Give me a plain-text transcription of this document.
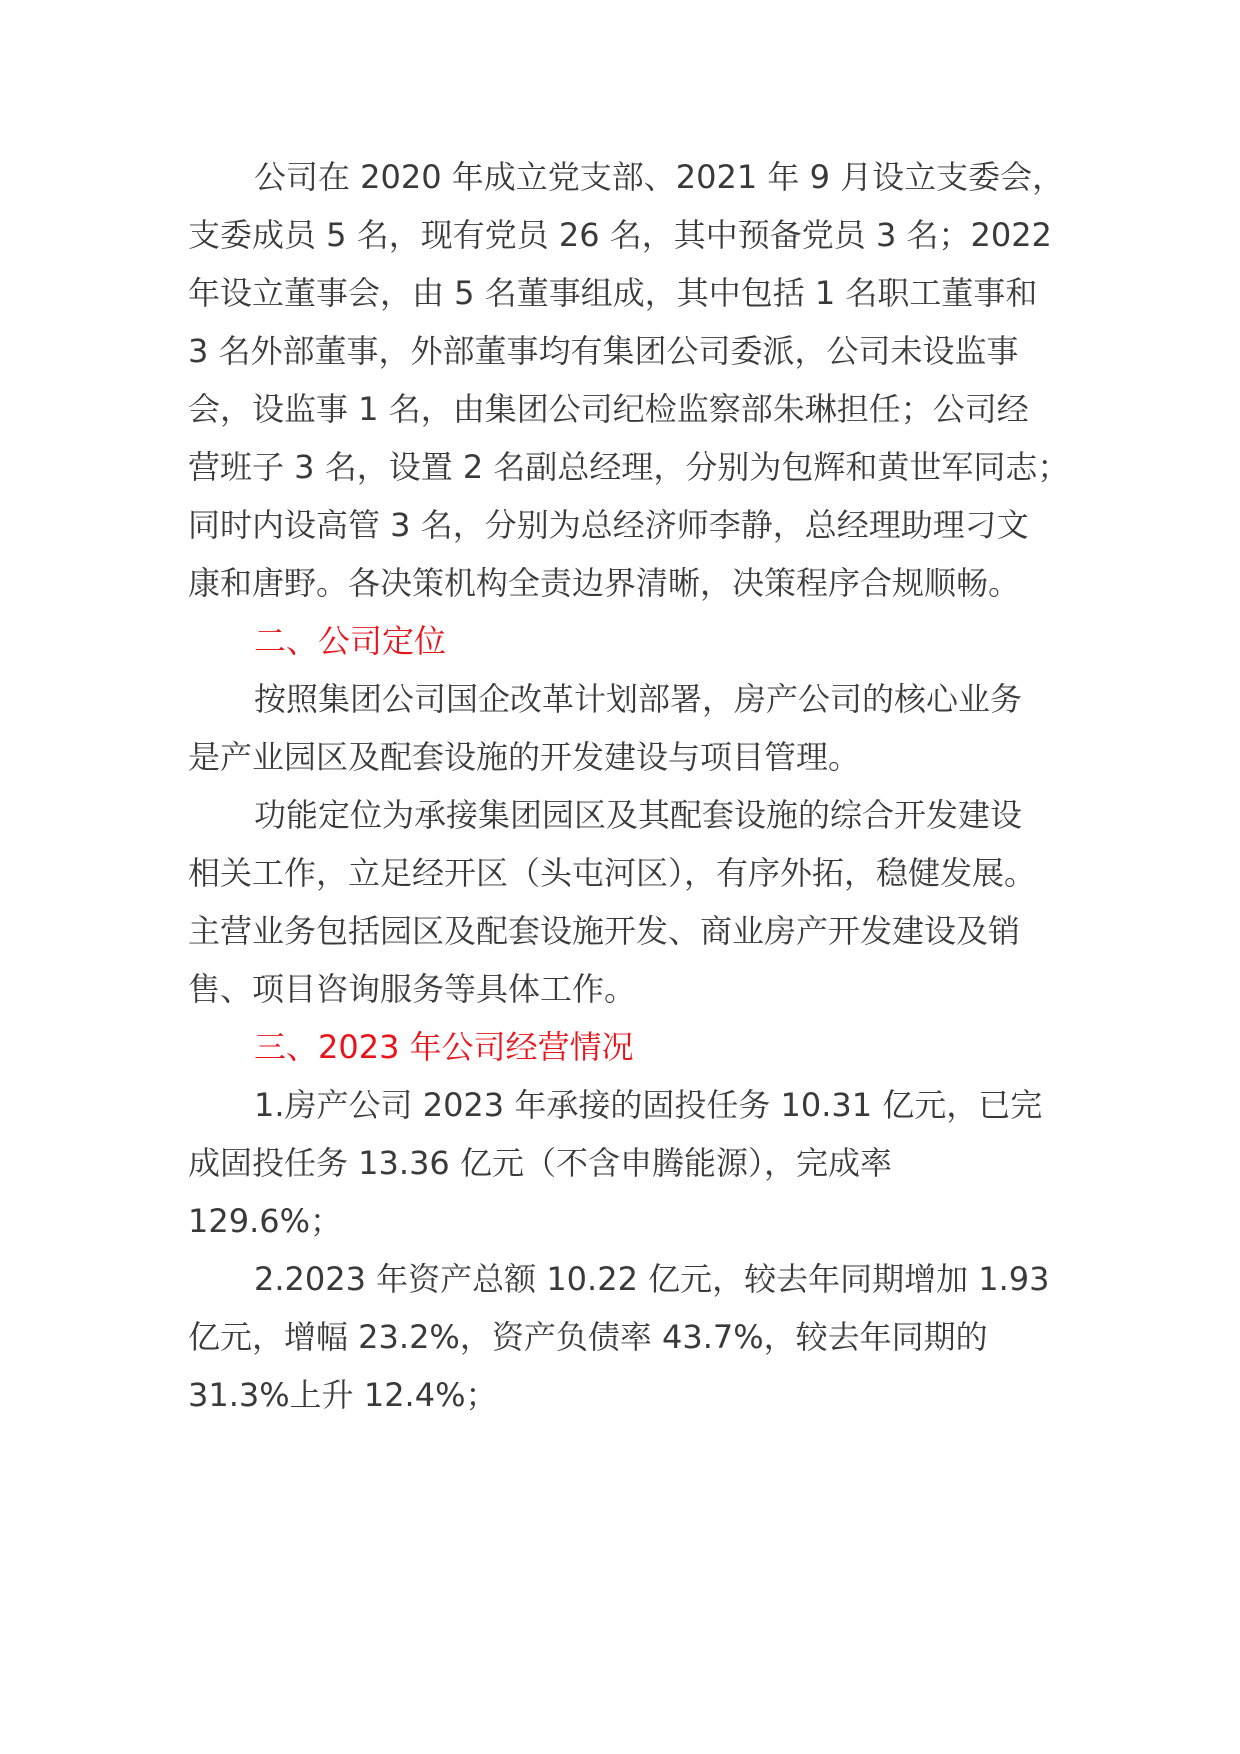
公司在 2020 年成立党支部、2021 年 9 月设立支委会，
支委成员 5 名，现有党员 26 名，其中预备党员 3 名；2022
年设立董事会，由 5 名董事组成，其中包括 1 名职工董事和
3 名外部董事，外部董事均有集团公司委派，公司未设监事
会，设监事 1 名，由集团公司纪检监察部朱琳担任；公司经
营班子 3 名，设置 2 名副总经理，分别为包辉和黄世军同志；
同时内设高管 3 名，分别为总经济师李静，总经理助理刁文
康和唐野。各决策机构全责边界清晰，决策程序合规顺畅。
二、公司定位
按照集团公司国企改革计划部署，房产公司的核心业务
是产业园区及配套设施的开发建设与项目管理。
功能定位为承接集团园区及其配套设施的综合开发建设
相关工作，立足经开区（头屯河区），有序外拓，稳健发展。
主营业务包括园区及配套设施开发、商业房产开发建设及销
售、项目咨询服务等具体工作。
三、2023 年公司经营情况
1.房产公司 2023 年承接的固投任务 10.31 亿元，已完
成固投任务 13.36 亿元（不含申腾能源），完成率
129.6%；
2.2023 年资产总额 10.22 亿元，较去年同期增加 1.93
亿元，增幅 23.2%，资产负债率 43.7%，较去年同期的
31.3%上升 12.4%；
